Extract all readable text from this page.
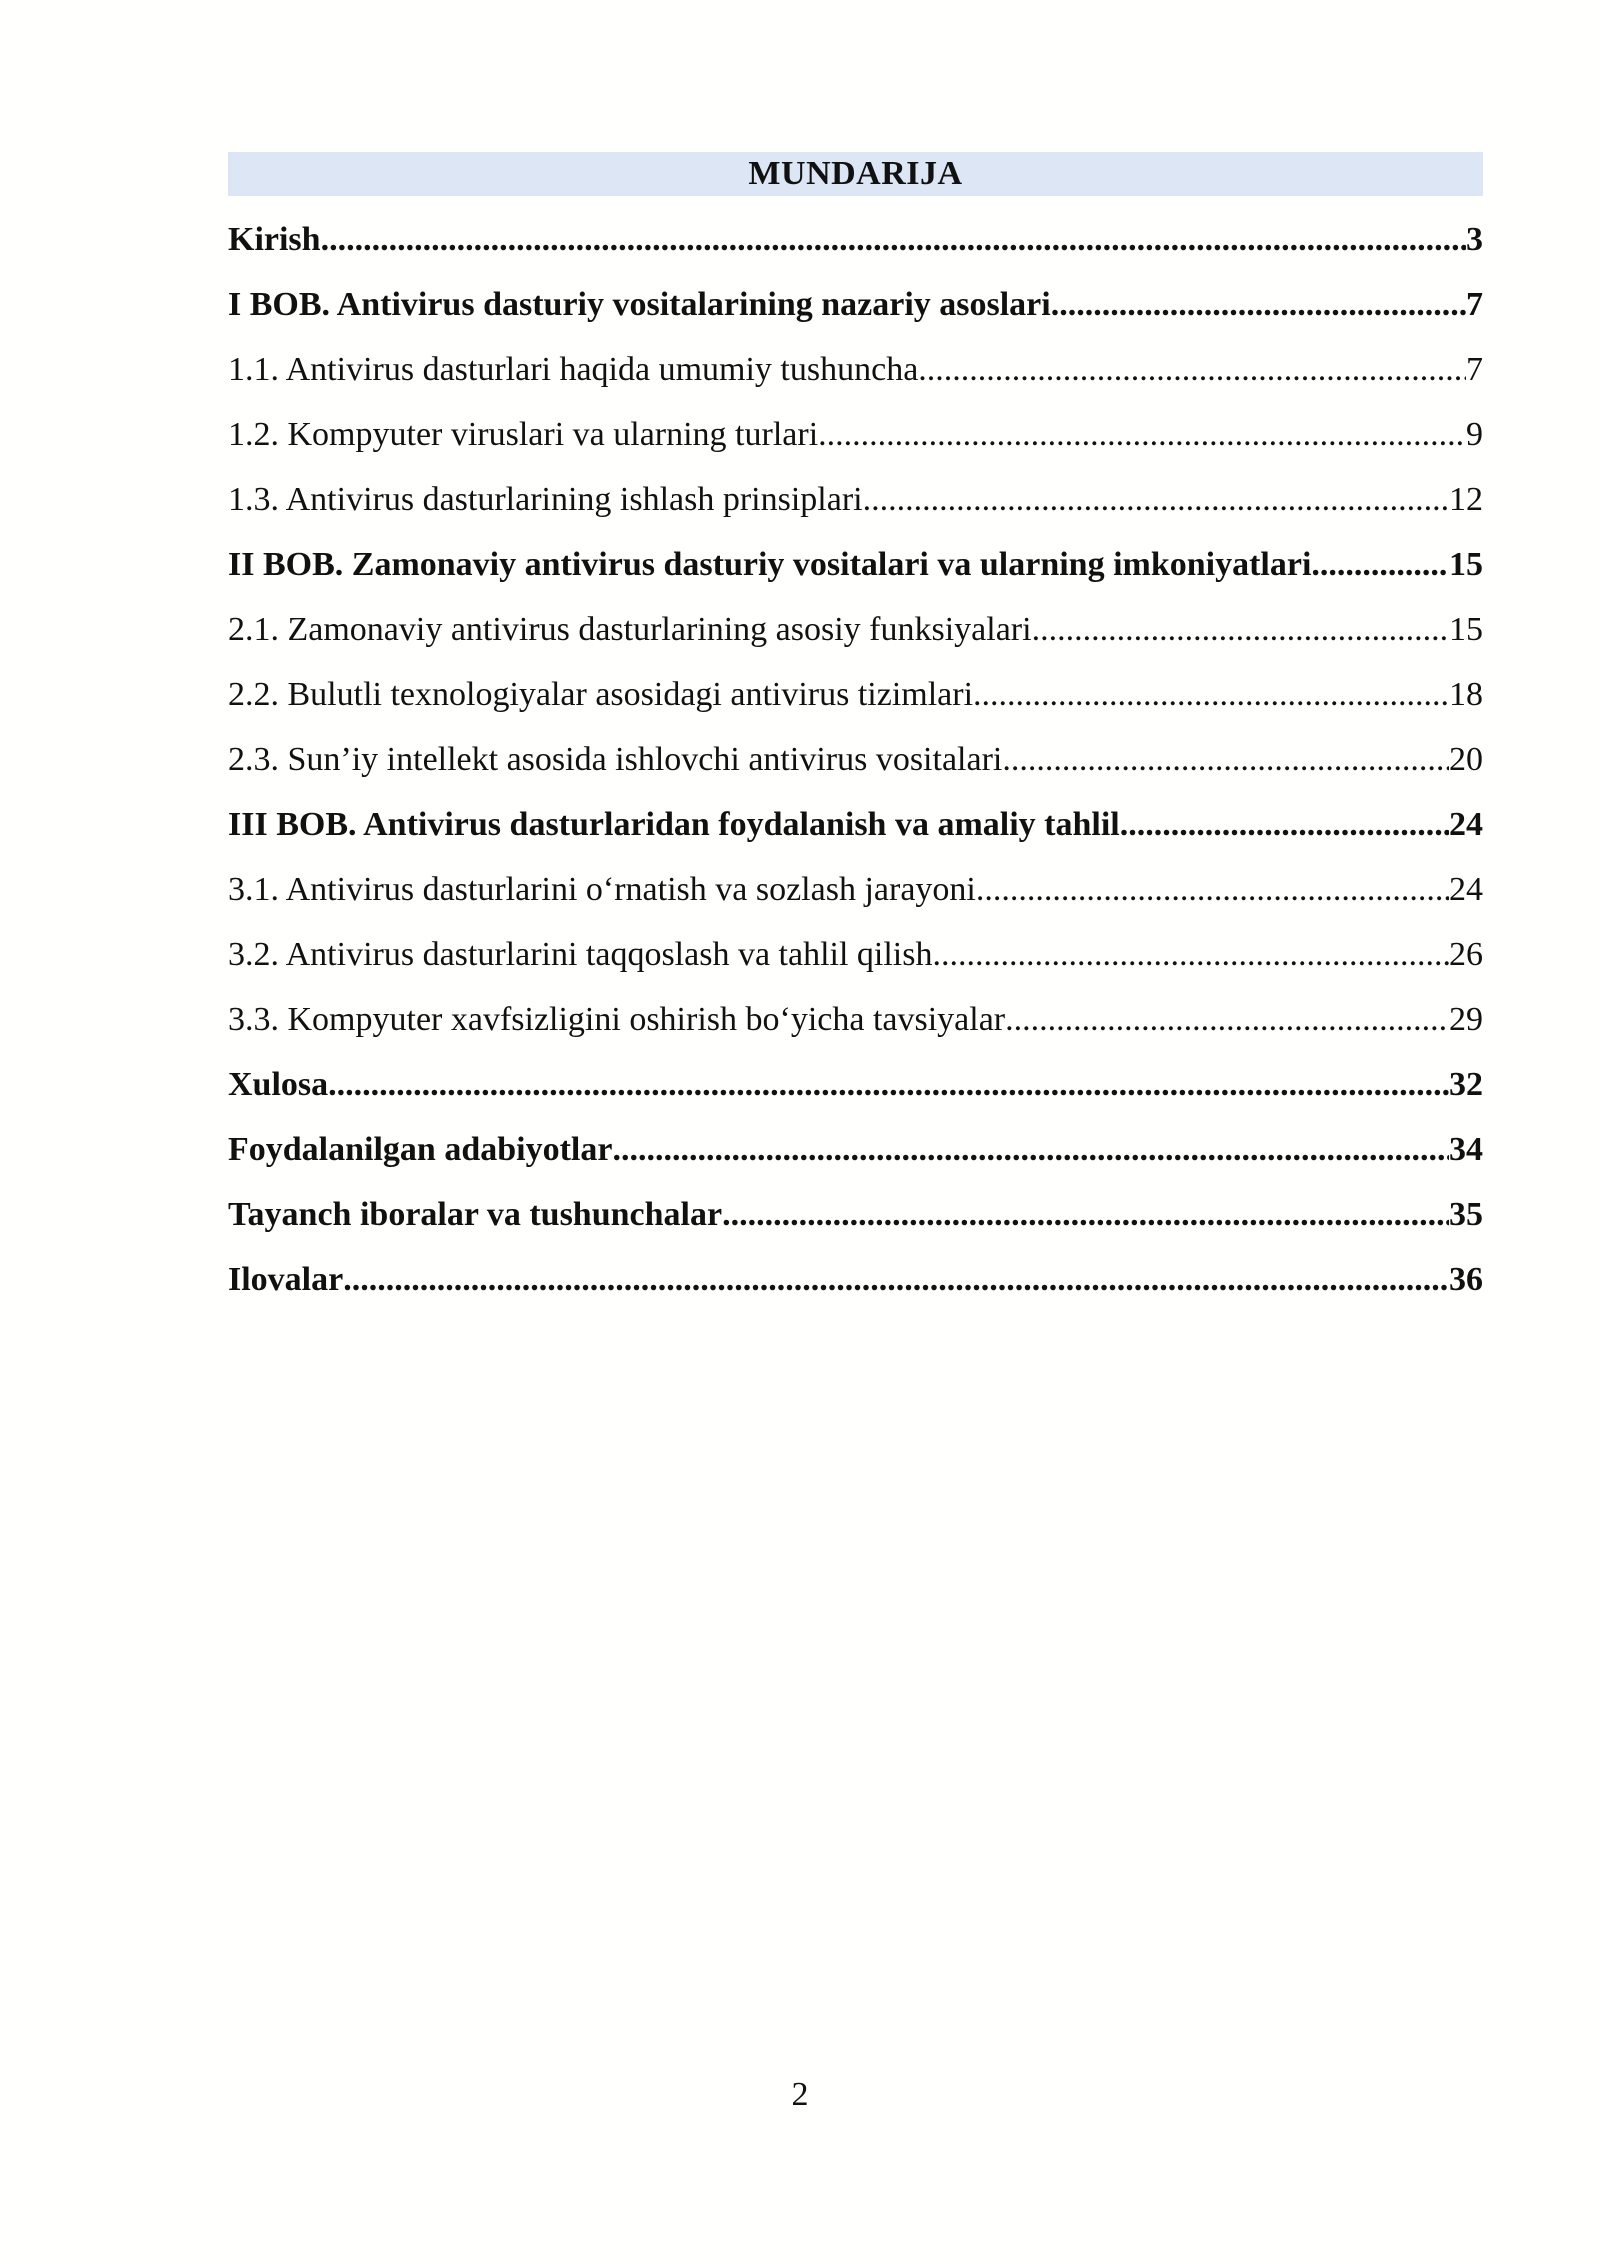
MUNDARIJA
Kirish .....	3
I BOB. Antivirus dasturiy vositalarining nazariy asoslari .....	7
1.1. Antivirus dasturlari haqida umumiy tushuncha .....	7
1.2. Kompyuter viruslari va ularning turlari .....	9
1.3. Antivirus dasturlarining ishlash prinsiplari .....	12
II BOB. Zamonaviy antivirus dasturiy vositalari va ularning imkoniyatlari .....	15
2.1. Zamonaviy antivirus dasturlarining asosiy funksiyalari .....	15
2.2. Bulutli texnologiyalar asosidagi antivirus tizimlari .....	18
2.3. Sun’iy intellekt asosida ishlovchi antivirus vositalari .....	20
III BOB. Antivirus dasturlaridan foydalanish va amaliy tahlil .....	24
3.1. Antivirus dasturlarini o‘rnatish va sozlash jarayoni .....	24
3.2. Antivirus dasturlarini taqqoslash va tahlil qilish .....	26
3.3. Kompyuter xavfsizligini oshirish bo‘yicha tavsiyalar .....	29
Xulosa .....	32
Foydalanilgan adabiyotlar .....	34
Tayanch iboralar va tushunchalar .....	35
Ilovalar .....	36
2
